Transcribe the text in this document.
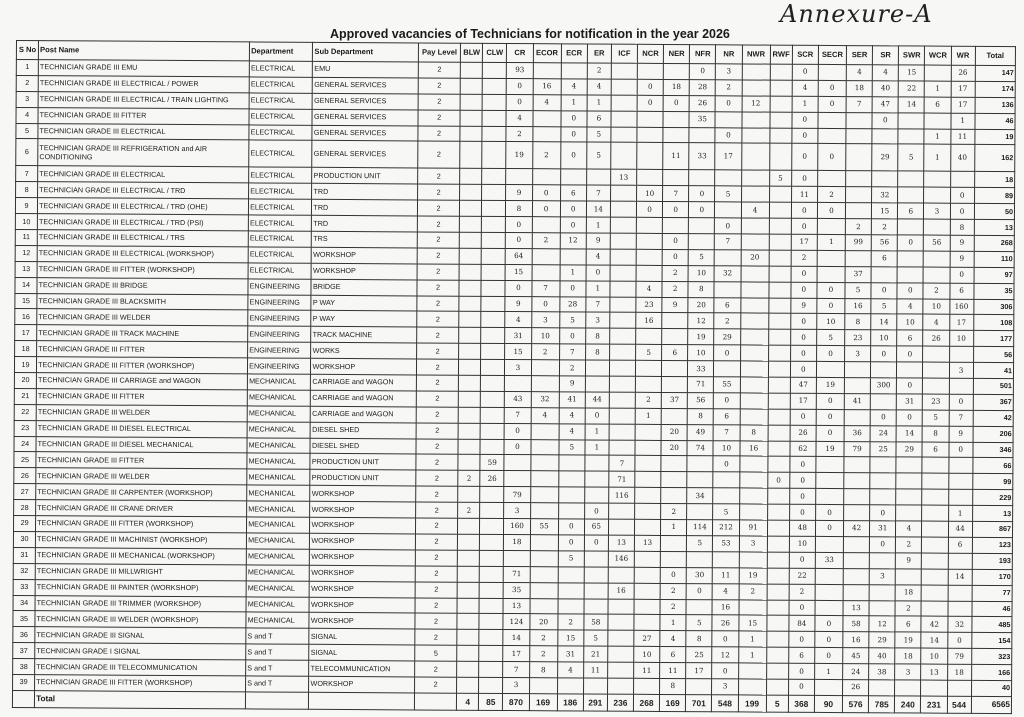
Approved vacancies of Technicians for notification in the year 2026
Annexure-A
S No	Post Name	Department	Sub Department	Pay Level	BLW	CLW	CR	ECOR	ECR	ER	ICF	NCR	NER	NFR	NR	NWR	RWF	SCR	SECR	SER	SR	SWR	WCR	WR	Total
1	TECHNICIAN GRADE III EMU	ELECTRICAL	EMU	2			93			2				0	3			0		4	4	15		26	147
2	TECHNICIAN GRADE III ELECTRICAL / POWER	ELECTRICAL	GENERAL SERVICES	2			0	16	4	4		0	18	28	2			4	0	18	40	22	1	17	174
3	TECHNICIAN GRADE III ELECTRICAL / TRAIN LIGHTING	ELECTRICAL	GENERAL SERVICES	2			0	4	1	1		0	0	26	0	12		1	0	7	47	14	6	17	136
4	TECHNICIAN GRADE III FITTER	ELECTRICAL	GENERAL SERVICES	2			4		0	6				35				0			0			1	46
5	TECHNICIAN GRADE III ELECTRICAL	ELECTRICAL	GENERAL SERVICES	2			2		0	5					0			0					1	11	19
6	TECHNICIAN GRADE III REFRIGERATION and AIR CONDITIONING	ELECTRICAL	GENERAL SERVICES	2			19	2	0	5			11	33	17			0	0		29	5	1	40	162
7	TECHNICIAN GRADE III ELECTRICAL	ELECTRICAL	PRODUCTION UNIT	2							13						5	0							18
8	TECHNICIAN GRADE III ELECTRICAL / TRD	ELECTRICAL	TRD	2			9	0	6	7		10	7	0	5			11	2		32			0	89
9	TECHNICIAN GRADE III ELECTRICAL / TRD (OHE)	ELECTRICAL	TRD	2			8	0	0	14		0	0	0		4		0	0		15	6	3	0	50
10	TECHNICIAN GRADE III ELECTRICAL / TRD (PSI)	ELECTRICAL	TRD	2			0		0	1					0			0		2	2			8	13
11	TECHNICIAN GRADE III ELECTRICAL / TRS	ELECTRICAL	TRS	2			0	2	12	9			0		7			17	1	99	56	0	56	9	268
12	TECHNICIAN GRADE III ELECTRICAL (WORKSHOP)	ELECTRICAL	WORKSHOP	2			64			4			0	5		20		2			6			9	110
13	TECHNICIAN GRADE III FITTER (WORKSHOP)	ELECTRICAL	WORKSHOP	2			15		1	0			2	10	32			0		37				0	97
14	TECHNICIAN GRADE III BRIDGE	ENGINEERING	BRIDGE	2			0	7	0	1		4	2	8				0	0	5	0	0	2	6	35
15	TECHNICIAN GRADE III BLACKSMITH	ENGINEERING	P WAY	2			9	0	28	7		23	9	20	6			9	0	16	5	4	10	160	306
16	TECHNICIAN GRADE III WELDER	ENGINEERING	P WAY	2			4	3	5	3		16		12	2			0	10	8	14	10	4	17	108
17	TECHNICIAN GRADE III TRACK MACHINE	ENGINEERING	TRACK MACHINE	2			31	10	0	8				19	29			0	5	23	10	6	26	10	177
18	TECHNICIAN GRADE III FITTER	ENGINEERING	WORKS	2			15	2	7	8		5	6	10	0			0	0	3	0	0			56
19	TECHNICIAN GRADE III FITTER (WORKSHOP)	ENGINEERING	WORKSHOP	2			3		2					33				0						3	41
20	TECHNICIAN GRADE III CARRIAGE and WAGON	MECHANICAL	CARRIAGE and WAGON	2					9					71	55			47	19		300	0			501
21	TECHNICIAN GRADE III FITTER	MECHANICAL	CARRIAGE and WAGON	2			43	32	41	44		2	37	56	0			17	0	41		31	23	0	367
22	TECHNICIAN GRADE III WELDER	MECHANICAL	CARRIAGE and WAGON	2			7	4	4	0		1		8	6			0	0		0	0	5	7	42
23	TECHNICIAN GRADE III DIESEL ELECTRICAL	MECHANICAL	DIESEL SHED	2			0		4	1			20	49	7	8		26	0	36	24	14	8	9	206
24	TECHNICIAN GRADE III DIESEL MECHANICAL	MECHANICAL	DIESEL SHED	2			0		5	1			20	74	10	16		62	19	79	25	29	6	0	346
25	TECHNICIAN GRADE III FITTER	MECHANICAL	PRODUCTION UNIT	2		59					7				0			0							66
26	TECHNICIAN GRADE III WELDER	MECHANICAL	PRODUCTION UNIT	2	2	26					71						0	0							99
27	TECHNICIAN GRADE III CARPENTER (WORKSHOP)	MECHANICAL	WORKSHOP	2			79				116			34				0							229
28	TECHNICIAN GRADE III CRANE DRIVER	MECHANICAL	WORKSHOP	2	2		3			0			2		5			0	0		0			1	13
29	TECHNICIAN GRADE III FITTER (WORKSHOP)	MECHANICAL	WORKSHOP	2			160	55	0	65			1	114	212	91		48	0	42	31	4		44	867
30	TECHNICIAN GRADE III MACHINIST (WORKSHOP)	MECHANICAL	WORKSHOP	2			18		0	0	13	13		5	53	3		10			0	2		6	123
31	TECHNICIAN GRADE III MECHANICAL (WORKSHOP)	MECHANICAL	WORKSHOP	2					5		146							0	33			9			193
32	TECHNICIAN GRADE III MILLWRIGHT	MECHANICAL	WORKSHOP	2			71						0	30	11	19		22			3			14	170
33	TECHNICIAN GRADE III PAINTER (WORKSHOP)	MECHANICAL	WORKSHOP	2			35				16		2	0	4	2		2				18			77
34	TECHNICIAN GRADE III TRIMMER (WORKSHOP)	MECHANICAL	WORKSHOP	2			13						2		16			0		13		2			46
35	TECHNICIAN GRADE III WELDER (WORKSHOP)	MECHANICAL	WORKSHOP	2			124	20	2	58			1	5	26	15		84	0	58	12	6	42	32	485
36	TECHNICIAN GRADE III SIGNAL	S and T	SIGNAL	2			14	2	15	5		27	4	8	0	1		0	0	16	29	19	14	0	154
37	TECHNICIAN GRADE I SIGNAL	S and T	SIGNAL	5			17	2	31	21		10	6	25	12	1		6	0	45	40	18	10	79	323
38	TECHNICIAN GRADE III TELECOMMUNICATION	S and T	TELECOMMUNICATION	2			7	8	4	11		11	11	17	0			0	1	24	38	3	13	18	166
39	TECHNICIAN GRADE III FITTER (WORKSHOP)	S and T	WORKSHOP	2			3						8		3			0		26					40
	Total				4	85	870	169	186	291	236	268	169	701	548	199	5	368	90	576	785	240	231	544	6565
